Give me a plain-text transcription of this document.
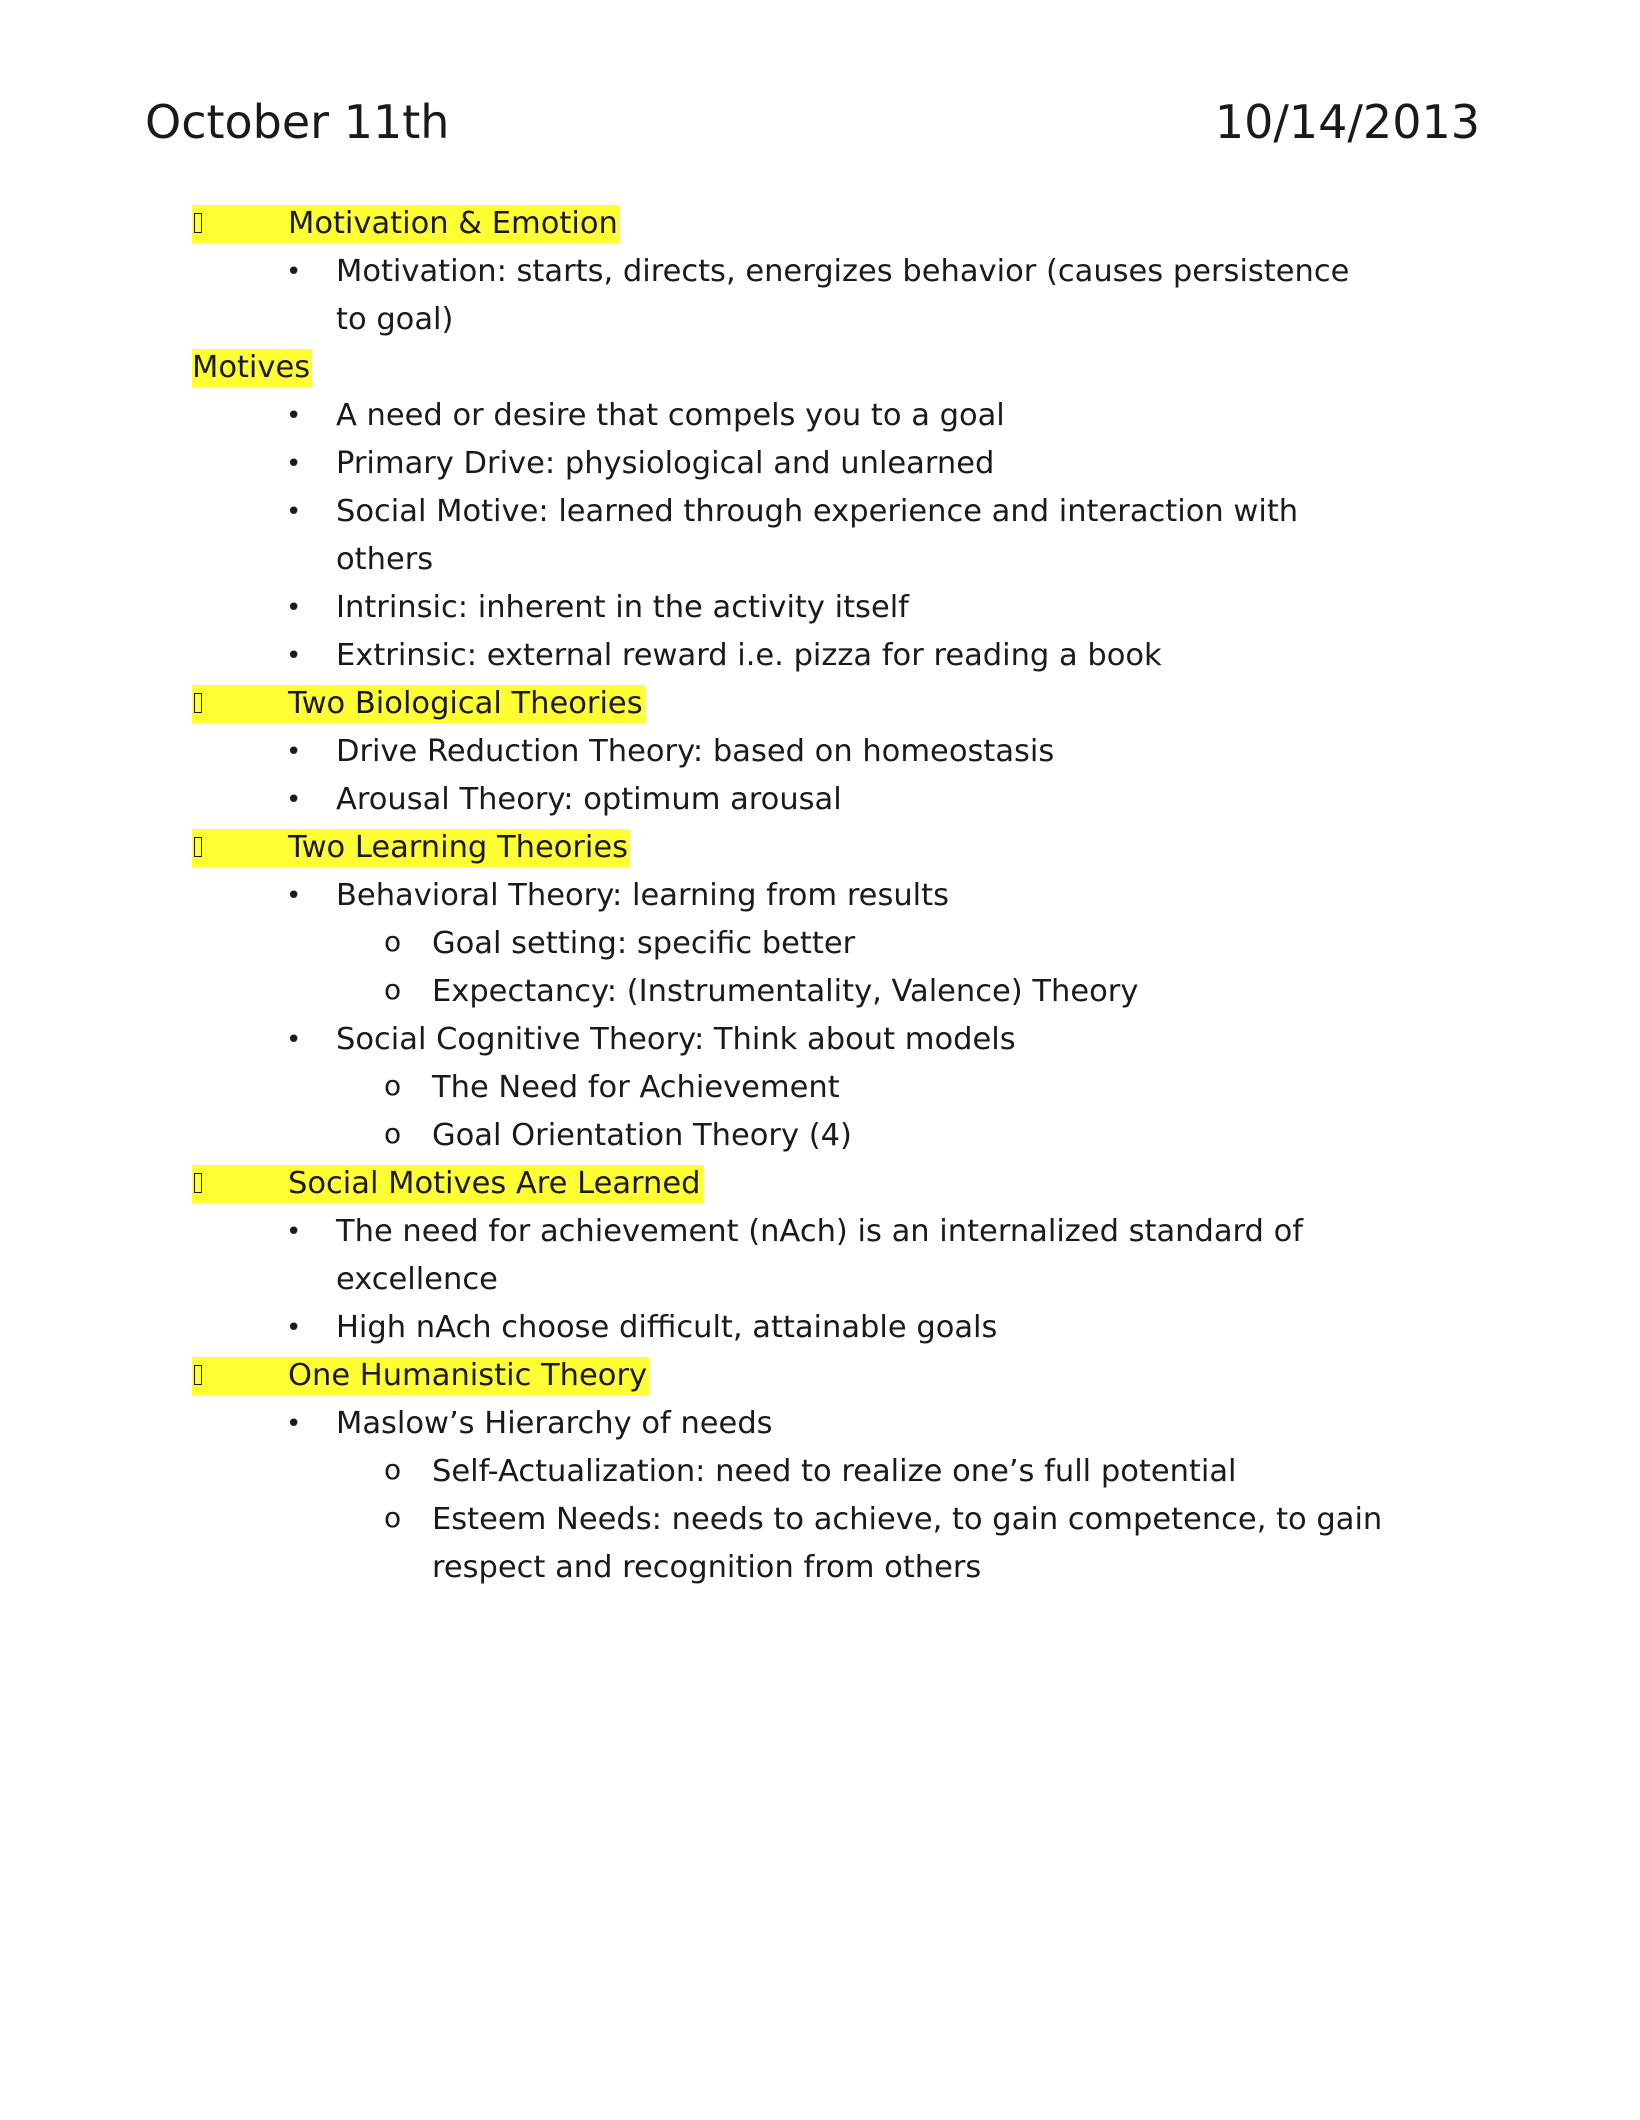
October 11th	10/14/2013
Motivation & Emotion
• Motivation: starts, directs, energizes behavior (causes persistence
to goal)
Motives
• A need or desire that compels you to a goal
• Primary Drive: physiological and unlearned
• Social Motive: learned through experience and interaction with
others
• Intrinsic: inherent in the activity itself
• Extrinsic: external reward i.e. pizza for reading a book
Two Biological Theories
• Drive Reduction Theory: based on homeostasis
• Arousal Theory: optimum arousal
Two Learning Theories
• Behavioral Theory: learning from results
o Goal setting: specific better
o Expectancy: (Instrumentality, Valence) Theory
• Social Cognitive Theory: Think about models
o The Need for Achievement
o Goal Orientation Theory (4)
Social Motives Are Learned
• The need for achievement (nAch) is an internalized standard of
excellence
• High nAch choose difficult, attainable goals
One Humanistic Theory
• Maslow’s Hierarchy of needs
o Self-Actualization: need to realize one’s full potential
o Esteem Needs: needs to achieve, to gain competence, to gain
respect and recognition from others
